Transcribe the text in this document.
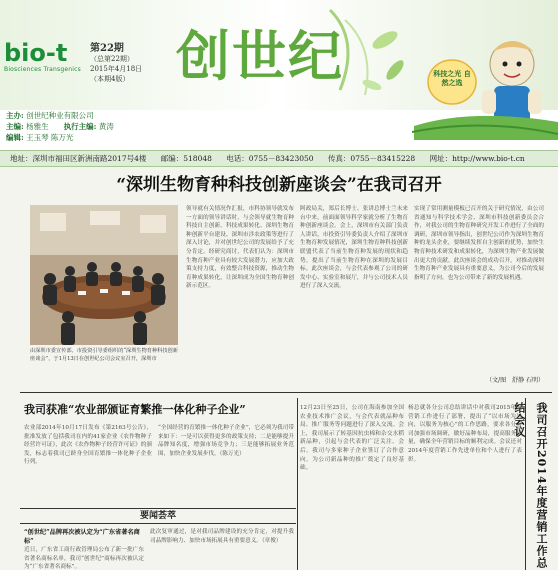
bio-t
Biosciences Transgenics
第22期
（总第22期）
2015年4月18日
（本期4版） 创世纪	科技之光 自然之选
主办: 创世纪种业有限公司
主编: 杨雅生　　 执行主编: 黄涛
编辑: 王玉琴 陈万光
地址：深圳市福田区新洲南路2017号4楼 邮编：518048 电话：0755－83423050 传真：0755－83415228 网址：http://www.bio-t.cn
“深圳生物育种科技创新座谈会”在我司召开
由深圳市委宣传部、市投资引导委组织的“深圳生物育种科技创新座谈会”，于1月13日在创世纪公司会议室召开，深圳市
领导就有关情况作汇报，市科协领导就发布一方面的领导讲话时，与会领导就生物育种科技自主创新、科技成果转化、深圳生物育种创新平台建设、深圳市涉农政策等进行了深入讨论，并对创世纪公司的发展给予了充分肯定。经研究商讨，代表们认为：深圳市生物育种产业具有较大发展潜力，应加大政策支持力度，有效整合科技资源，推动生物育种成果转化，让深圳成为全国生物育种创新示范区。
阿政局关，郑后长博士、张讲总博士兰未来台中来，前面面领导科学家就分析了生物育种创新座谈会。会上，深圳市有关部门负责人讲话，市投资引导委负责人介绍了深圳市生物育种发展情况，深圳生物育种科技创新联盟代表了当前生物育种发展的现状和趋势，提出了当前生物育种在深圳的发展目标。此次座谈会，与会代表参观了公司的研发中心、实验室和展厅，并与公司技术人员进行了深入交流。
实现了常用测量模板已召开的关于研究情况，由公司省通知与科学技术学会、深圳市科技创新委员会合作，对我公司的生物育种研究开发工作进行了全面的调研，深圳市领导指出，创世纪公司作为深圳生物育种的龙头企业，要继续发挥自主创新的优势，加快生物育种技术研发和成果转化，为深圳生物产业发展做出更大的贡献。此次座谈会的成功召开，对推动深圳生物育种产业发展具有重要意义，为公司今后的发展指明了方向，也为公司带来了新的发展机遇。
（文/图　舒静 石明）
我司获准“农业部颁证育繁推一体化种子企业”
农业部2014年10月17日发布《第2163号公告》，批准发放了包括我司在内的41家企业《农作物种子经营许可证》，此次《农作物种子经营许可证》的颁发，标志着我司已跻身全国育繁推一体化种子企业行列。
“全国经营的育繁推一体化种子企业”，它必须为我司带来如下：一是可以获得更多的政策支持；二是能够提升品牌知名度，增强市场竞争力；三是能够拓展业务范围，加快企业发展步伐。（陈万光）
要闻荟萃
“创世纪”品牌再次被认定为“广东省著名商标”
近日，广东省工商行政管理局公布了新一批广东省著名商标名单，我司“创世纪”商标再次被认定为“广东省著名商标”。
此次复审通过，是对我司品牌建设的充分肯定，对提升我司品牌影响力、加快市场拓展具有重要意义。（章俊）
12月23日至25日，公司在海南参加全国农业技术推广会议，与会代表就品种布局、推广服务等问题进行了深入交流。会上，我司展示了转基因抗虫棉和杂交水稻新品种，引起与会代表的广泛关注。会后，我司与多家种子企业签订了合作意向，为公司新品种的推广奠定了良好基础。
杨总就各分公司总结讲话中对我司2015年度营销工作进行了部署，提出了“以市场为导向，以服务为核心”的工作思路，要求各分公司加强市场调研，做好品种布局，提高服务质量，确保全年营销目标的顺利完成。会议还对2014年度营销工作先进单位和个人进行了表彰。	我司召开2014年度营销工作总结会议
